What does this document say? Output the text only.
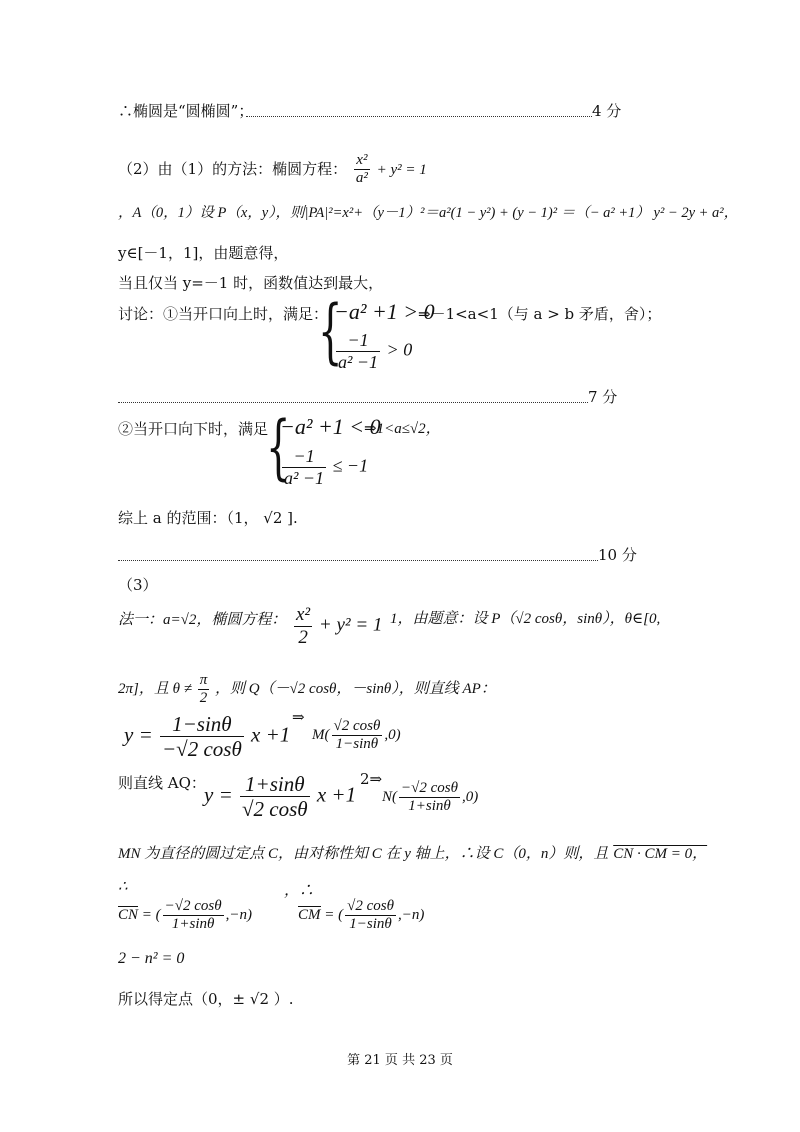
∴椭圆是“圆椭圆”；	4 分
（2）由（1）的方法：椭圆方程： $\frac{\text{x²}}{\text{a²}} + y^2 = 1$
，A（0，1）设 P（x，y），则|PA|²=x²+（y－1）²＝a²(1 − y²) + (y − 1)² ＝（− a² +1） y² − 2y + a²，
y∈[－1，1]，由题意得，
当且仅当 y=－1 时，函数值达到最大，
讨论：①当开口向上时，满足：
{
−a² +1 > 0
⇒－1<a<1（与 a > b 矛盾，舍）；
$\frac{-1}{\text{a² −1}} > 0$
7 分
②当开口向下时，满足
{
−a² +1 < 0
⇒1<a≤√2，
$\frac{-1}{\text{a² −1}} \le -1$
综上 a 的范围：（1， √2 ].
10 分
（3）
法一：a=√2，椭圆方程： $\frac{\text{x²}}{2} + y^2 = 1$ 1，由题意：设 P（√2 cosθ，sinθ），θ∈[0,
2π]，且 $\theta \ne \frac{\pi}{2}$ ，则 Q（－√2 cosθ，－sinθ），则直线 AP：
$y = \frac{1-\sin\theta}{-√2 \cos\theta}$ x +1
⇒
$M( \frac{√2 \cos\theta}{1-\sin\theta} ,0)$
则直线 AQ：
$y = \frac{1+\sin\theta}{√2 \cos\theta}$ x +1
2⇒
$N( \frac{-√2 \cos\theta}{1+\sin\theta} ,0)$
MN 为直径的圆过定点 C，由对称性知 C 在 y 轴上，∴设 C（0，n）则，且 CN · CM = 0，
∴
CN = ( $\frac{-√2 \cos\theta}{1+\sin\theta} ,-n$)
，∴
CM = ( $\frac{√2 \cos\theta}{1-\sin\theta} ,-n$)
2 − n² = 0
所以得定点（0，± √2 ）.
第 21 页 共 23 页
